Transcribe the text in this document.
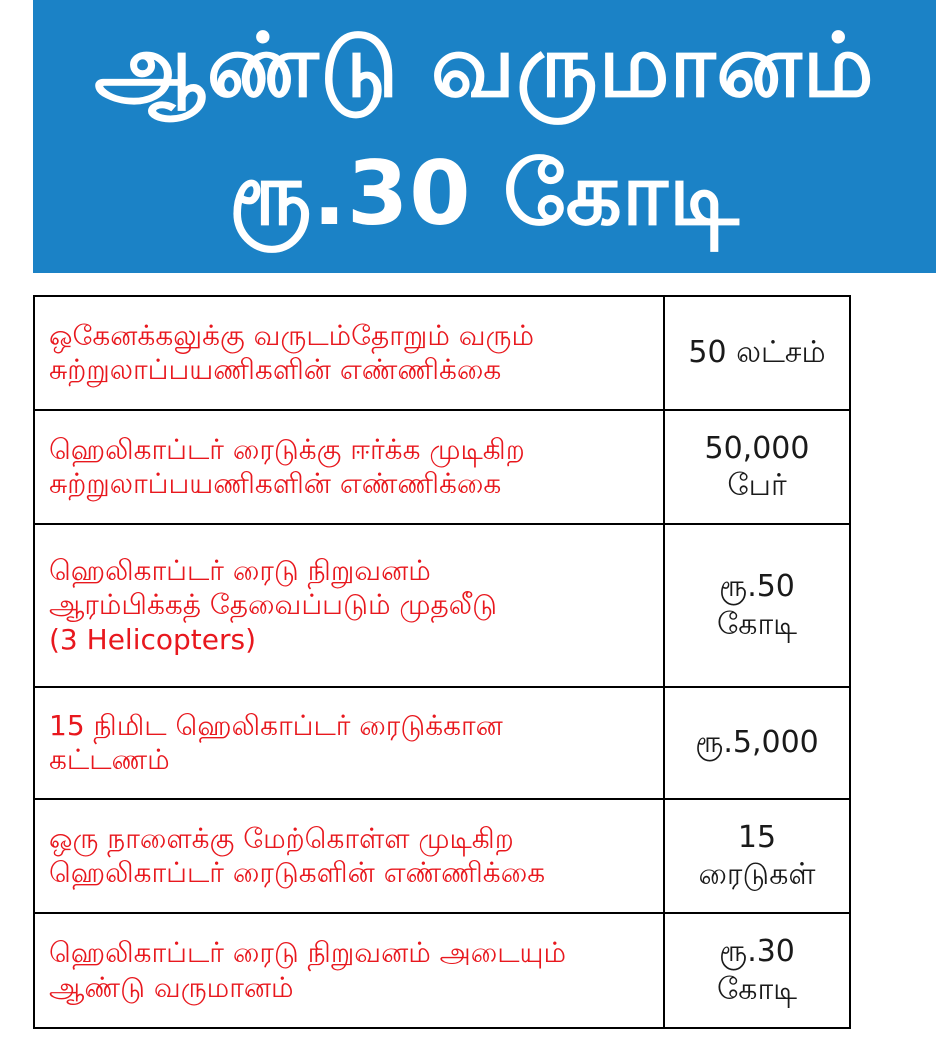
ஆண்டு வருமானம்
ரூ.30 கோடி
ஒகேனக்கலுக்கு வருடம்தோறும் வரும்
சுற்றுலாப்பயணிகளின் எண்ணிக்கை	50 லட்சம்
ஹெலிகாப்டர் ரைடுக்கு ஈர்க்க முடிகிற
சுற்றுலாப்பயணிகளின் எண்ணிக்கை
50,000
பேர்
ஹெலிகாப்டர் ரைடு நிறுவனம்
ஆரம்பிக்கத் தேவைப்படும் முதலீடு
(3 Helicopters)
ரூ.50
கோடி
15 நிமிட ஹெலிகாப்டர் ரைடுக்கான
கட்டணம்	ரூ.5,000
ஒரு நாளைக்கு மேற்கொள்ள முடிகிற
ஹெலிகாப்டர் ரைடுகளின் எண்ணிக்கை
15
ரைடுகள்
ஹெலிகாப்டர் ரைடு நிறுவனம் அடையும்
ஆண்டு வருமானம்
ரூ.30
கோடி
